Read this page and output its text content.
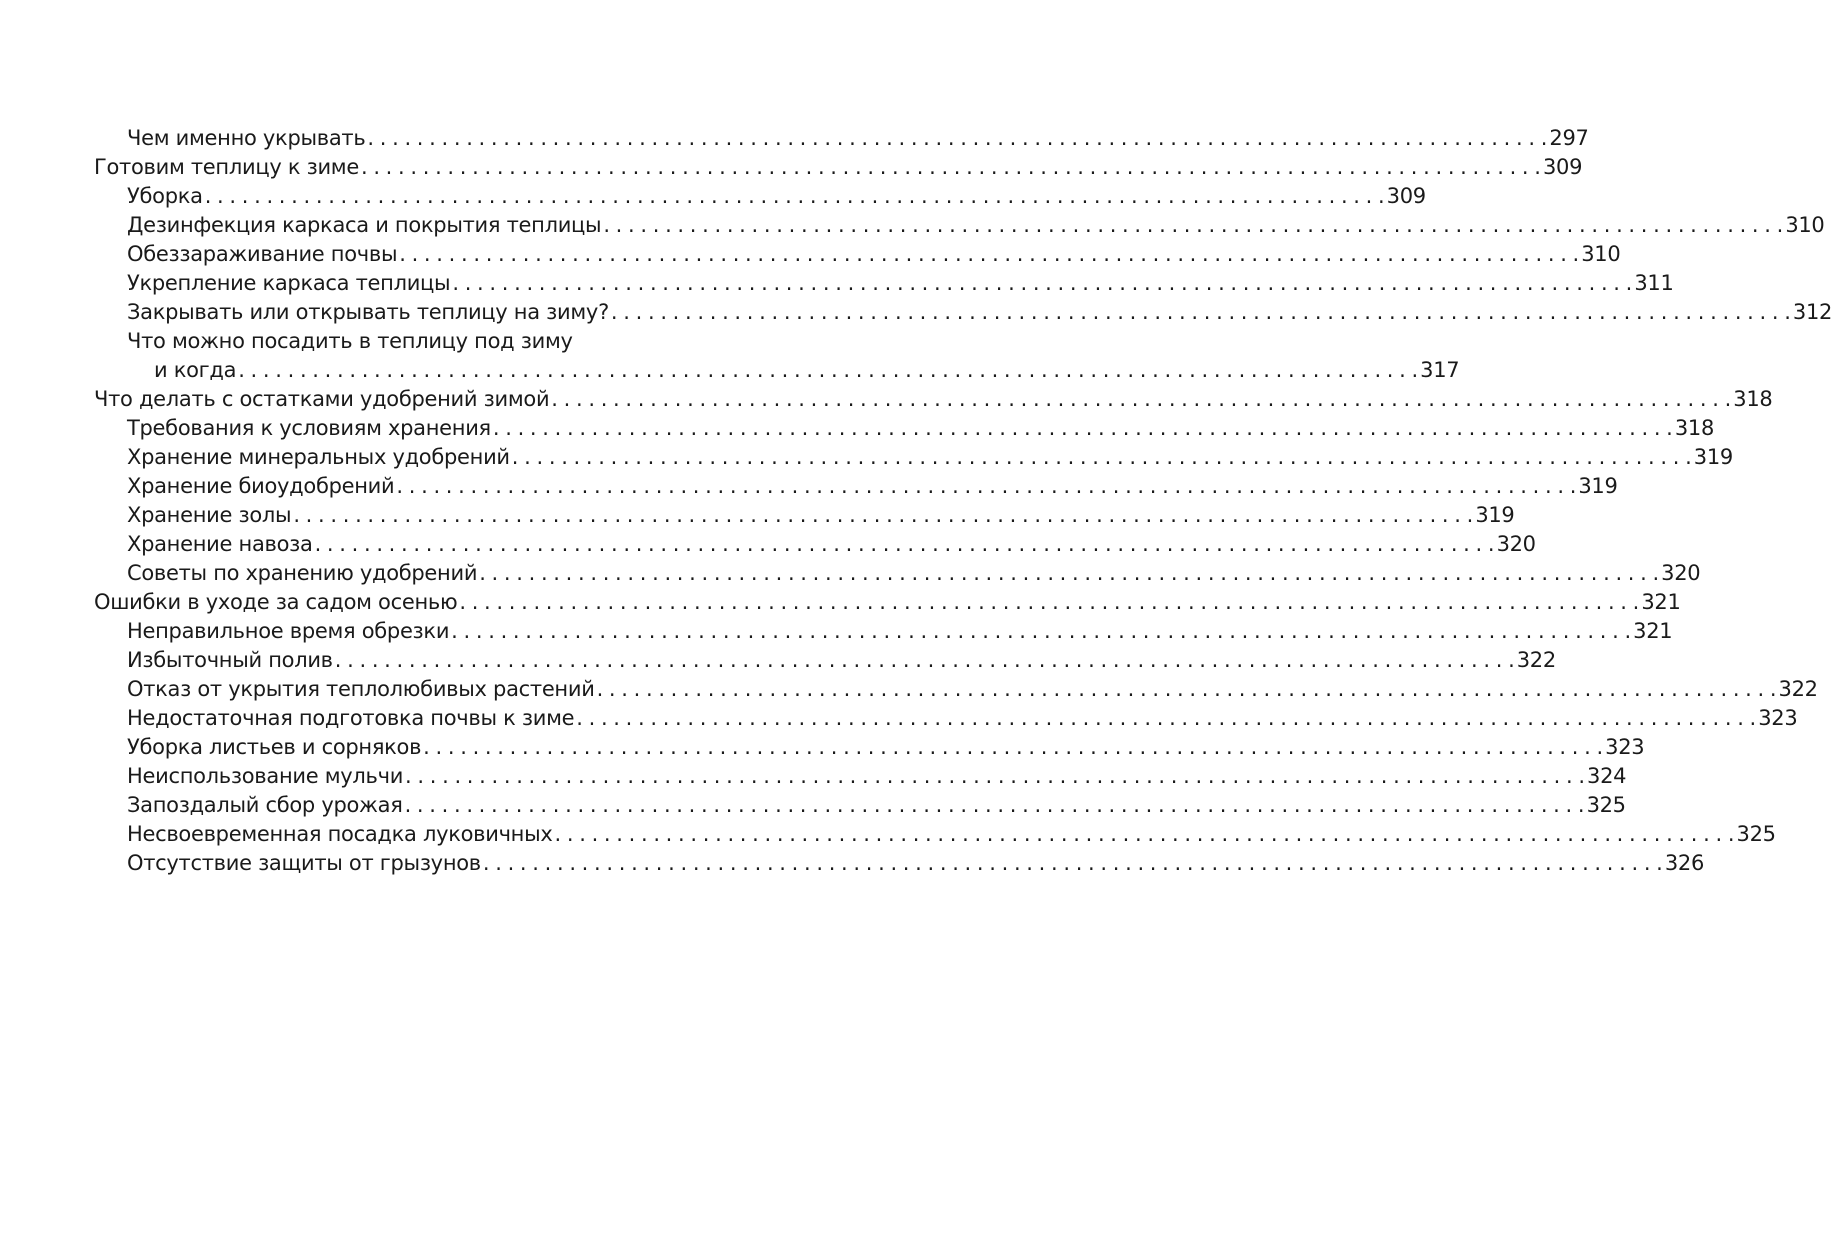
Чем именно укрывать . . .	297
Готовим теплицу к зиме . . .	309
Уборка . . .	309
Дезинфекция каркаса и покрытия теплицы . . .	310
Обеззараживание почвы . . .	310
Укрепление каркаса теплицы . . .	311
Закрывать или открывать теплицу на зиму? . . .	312
Что можно посадить в теплицу под зиму
и когда . . .	317
Что делать с остатками удобрений зимой . . .	318
Требования к условиям хранения . . .	318
Хранение минеральных удобрений . . .	319
Хранение биоудобрений . . .	319
Хранение золы . . .	319
Хранение навоза . . .	320
Советы по хранению удобрений . . .	320
Ошибки в уходе за садом осенью . . .	321
Неправильное время обрезки . . .	321
Избыточный полив . . .	322
Отказ от укрытия теплолюбивых растений . . .	322
Недостаточная подготовка почвы к зиме . . .	323
Уборка листьев и сорняков . . .	323
Неиспользование мульчи . . .	324
Запоздалый сбор урожая . . .	325
Несвоевременная посадка луковичных . . .	325
Отсутствие защиты от грызунов . . .	326
